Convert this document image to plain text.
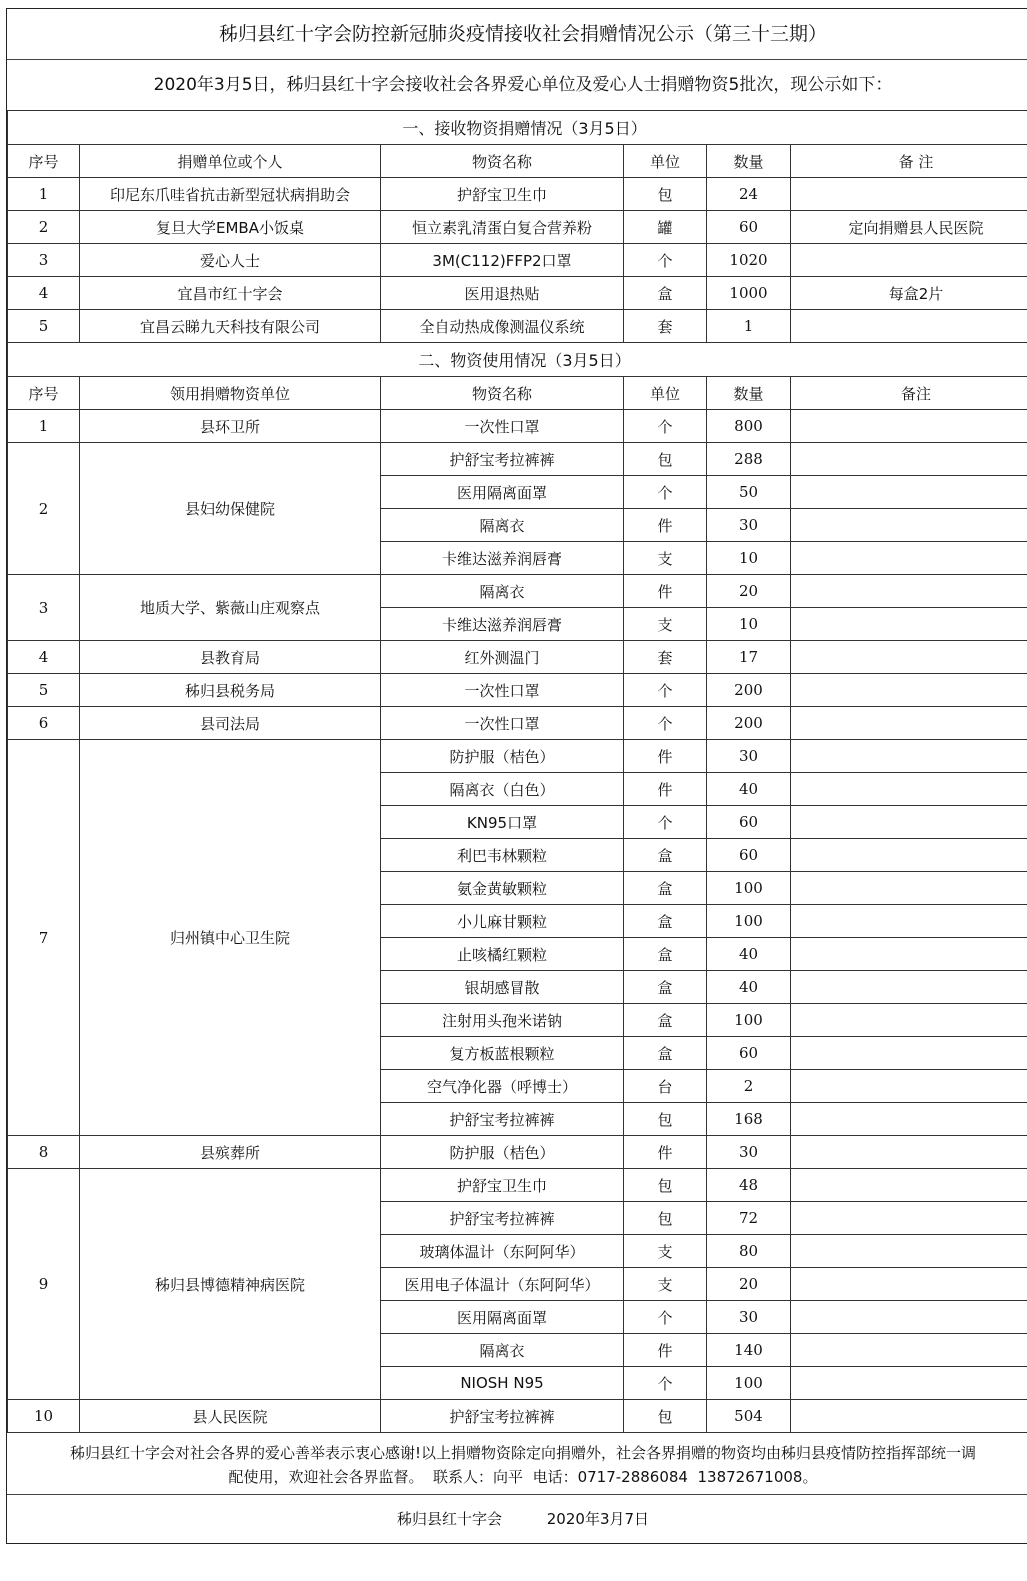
秭归县红十字会防控新冠肺炎疫情接收社会捐赠情况公示（第三十三期）
2020年3月5日，秭归县红十字会接收社会各界爱心单位及爱心人士捐赠物资5批次，现公示如下：
一、接收物资捐赠情况（3月5日）					
序号	捐赠单位或个人	物资名称	单位	数量	备 注
1	印尼东爪哇省抗击新型冠状病捐助会	护舒宝卫生巾	包	24	
2	复旦大学EMBA小饭桌	恒立素乳清蛋白复合营养粉	罐	60	定向捐赠县人民医院
3	爱心人士	3M(C112)FFP2口罩	个	1020	
4	宜昌市红十字会	医用退热贴	盒	1000	每盒2片
5	宜昌云睇九天科技有限公司	全自动热成像测温仪系统	套	1	
二、物资使用情况（3月5日）					
序号	领用捐赠物资单位	物资名称	单位	数量	备注
1	县环卫所	一次性口罩	个	800	
2	县妇幼保健院	护舒宝考拉裤裤	包	288	
		医用隔离面罩	个	50	
		隔离衣	件	30	
		卡维达滋养润唇膏	支	10	
3	地质大学、紫薇山庄观察点	隔离衣	件	20	
		卡维达滋养润唇膏	支	10	
4	县教育局	红外测温门	套	17	
5	秭归县税务局	一次性口罩	个	200	
6	县司法局	一次性口罩	个	200	
7	归州镇中心卫生院	防护服（桔色）	件	30	
		隔离衣（白色）	件	40	
		KN95口罩	个	60	
		利巴韦林颗粒	盒	60	
		氨金黄敏颗粒	盒	100	
		小儿麻甘颗粒	盒	100	
		止咳橘红颗粒	盒	40	
		银胡感冒散	盒	40	
		注射用头孢米诺钠	盒	100	
		复方板蓝根颗粒	盒	60	
		空气净化器（呼博士）	台	2	
		护舒宝考拉裤裤	包	168	
8	县殡葬所	防护服（桔色）	件	30	
9	秭归县博德精神病医院	护舒宝卫生巾	包	48	
		护舒宝考拉裤裤	包	72	
		玻璃体温计（东阿阿华）	支	80	
		医用电子体温计（东阿阿华）	支	20	
		医用隔离面罩	个	30	
		隔离衣	件	140	
		NIOSH N95	个	100	
10	县人民医院	护舒宝考拉裤裤	包	504	
秭归县红十字会对社会各界的爱心善举表示衷心感谢!以上捐赠物资除定向捐赠外，社会各界捐赠的物资均由秭归县疫情防控指挥部统一调
配使用，欢迎社会各界监督。  联系人：向平  电话：0717-2886084  13872671008。
秭归县红十字会	2020年3月7日
